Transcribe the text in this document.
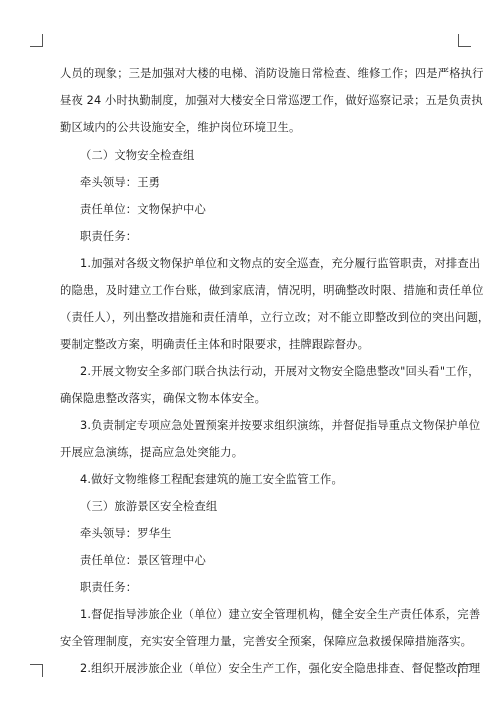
人员的现象；三是加强对大楼的电梯、消防设施日常检查、维修工作；四是严格执行
昼夜 24 小时执勤制度，加强对大楼安全日常巡逻工作，做好巡察记录；五是负责执
勤区域内的公共设施安全，维护岗位环境卫生。
（二）文物安全检查组
牵头领导：王勇
责任单位：文物保护中心
职责任务：
1.加强对各级文物保护单位和文物点的安全巡查，充分履行监管职责，对排查出
的隐患，及时建立工作台账，做到家底清，情况明，明确整改时限、措施和责任单位
（责任人），列出整改措施和责任清单，立行立改；对不能立即整改到位的突出问题，
要制定整改方案，明确责任主体和时限要求，挂牌跟踪督办。
2.开展文物安全多部门联合执法行动，开展对文物安全隐患整改"回头看"工作，
确保隐患整改落实，确保文物本体安全。
3.负责制定专项应急处置预案并按要求组织演练，并督促指导重点文物保护单位
开展应急演练，提高应急处突能力。
4.做好文物维修工程配套建筑的施工安全监管工作。
（三）旅游景区安全检查组
牵头领导：罗华生
责任单位：景区管理中心
职责任务：
1.督促指导涉旅企业（单位）建立安全管理机构，健全安全生产责任体系，完善
安全管理制度，充实安全管理力量，完善安全预案，保障应急救援保障措施落实。
2.组织开展涉旅企业（单位）安全生产工作，强化安全隐患排查、督促整改治理
